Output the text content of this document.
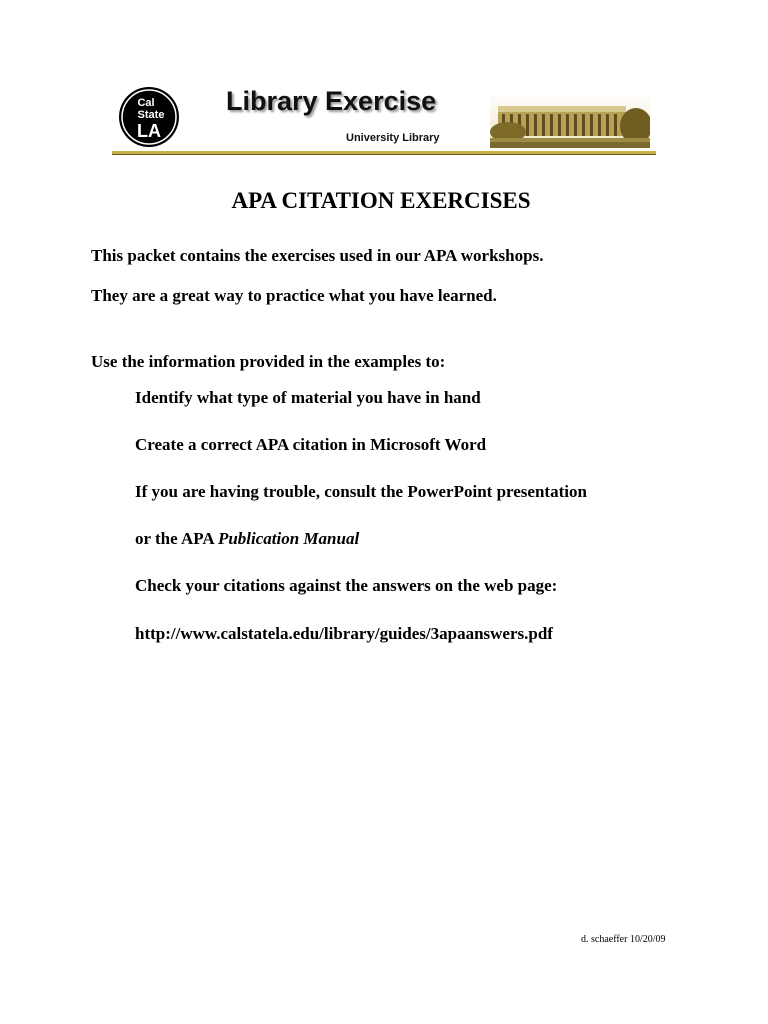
Cal
State
LA
Library Exercise
University Library
APA CITATION EXERCISES
This packet contains the exercises used in our APA workshops.
They are a great way to practice what you have learned.
Use the information provided in the examples to:
Identify what type of material you have in hand
Create a correct APA citation in Microsoft Word
If you are having trouble, consult the PowerPoint presentation
or the APA Publication Manual
Check your citations against the answers on the web page:
http://www.calstatela.edu/library/guides/3apaanswers.pdf
d. schaeffer 10/20/09
